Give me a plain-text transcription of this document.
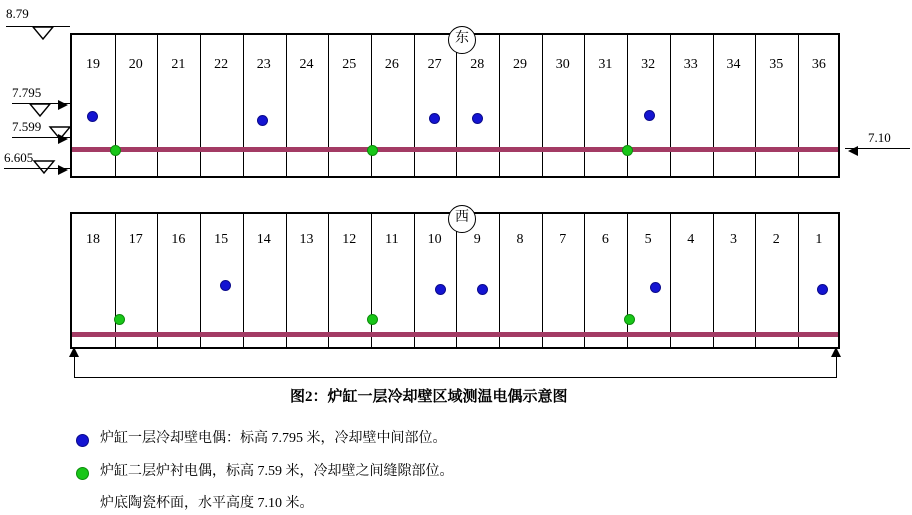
19	20	21	22	23	24	25	26	27	28	29	30	31	32	33	34	35	36
东
18	17	16	15	14	13	12	11	10	9	8	7	6	5	4	3	2	1
西
8.79
7.795
7.599
6.605
7.10
图2：炉缸一层冷却壁区域测温电偶示意图
炉缸一层冷却壁电偶：标高 7.795 米，冷却壁中间部位。
炉缸二层炉衬电偶，标高 7.59 米，冷却壁之间缝隙部位。
炉底陶瓷杯面，水平高度 7.10 米。
